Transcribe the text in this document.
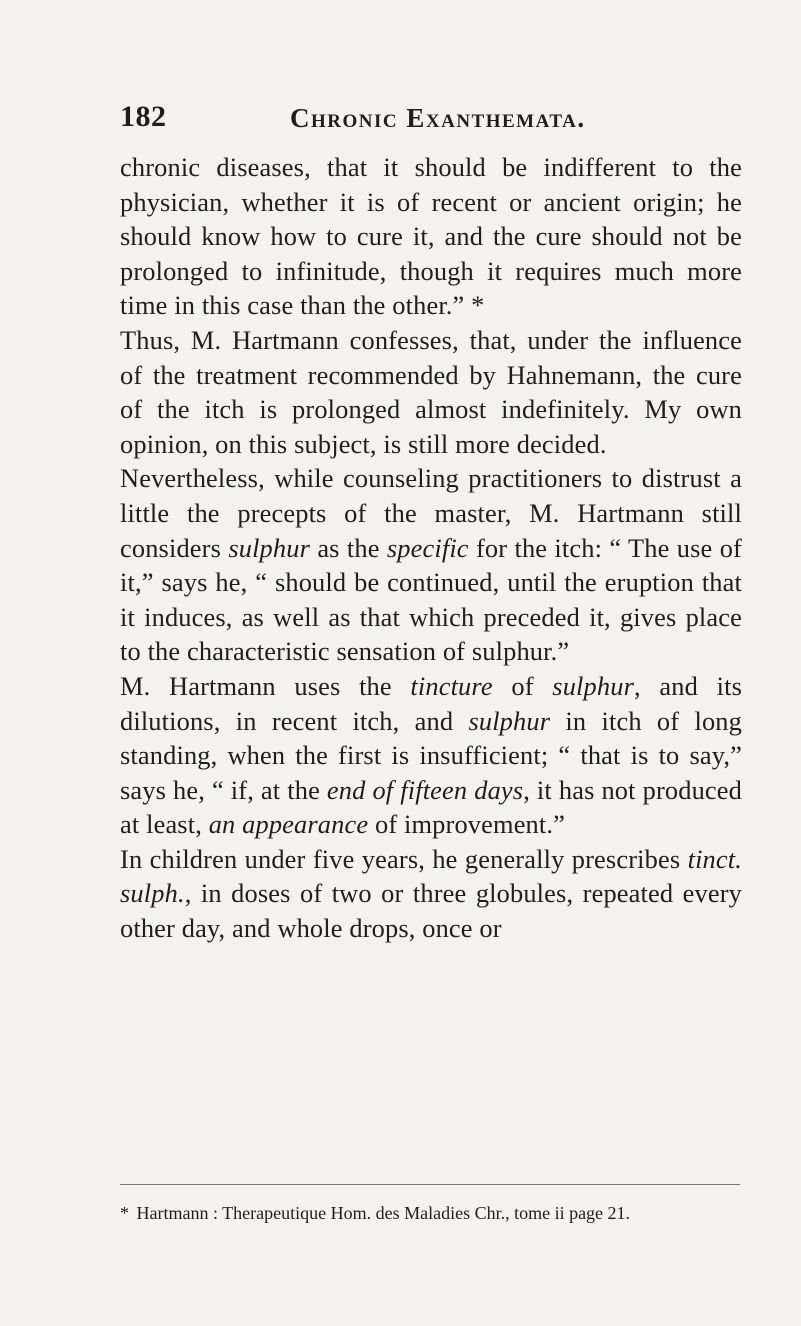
182	Chronic Exanthemata.

chronic diseases, that it should be indifferent to the physician, whether it is of recent or ancient origin; he should know how to cure it, and the cure should not be prolonged to infinitude, though it requires much more time in this case than the other.” *

Thus, M. Hartmann confesses, that, under the influence of the treatment recommended by Hahnemann, the cure of the itch is prolonged almost indefinitely. My own opinion, on this subject, is still more decided.

Nevertheless, while counseling practitioners to distrust a little the precepts of the master, M. Hartmann still considers sulphur as the specific for the itch: “ The use of it,” says he, “ should be continued, until the eruption that it induces, as well as that which preceded it, gives place to the characteristic sensation of sulphur.”

M. Hartmann uses the tincture of sulphur, and its dilutions, in recent itch, and sulphur in itch of long standing, when the first is insufficient; “ that is to say,” says he, “ if, at the end of fifteen days, it has not produced at least, an appearance of improvement.”

In children under five years, he generally prescribes tinct. sulph., in doses of two or three globules, repeated every other day, and whole drops, once or

* Hartmann : Therapeutique Hom. des Maladies Chr., tome ii page 21.
